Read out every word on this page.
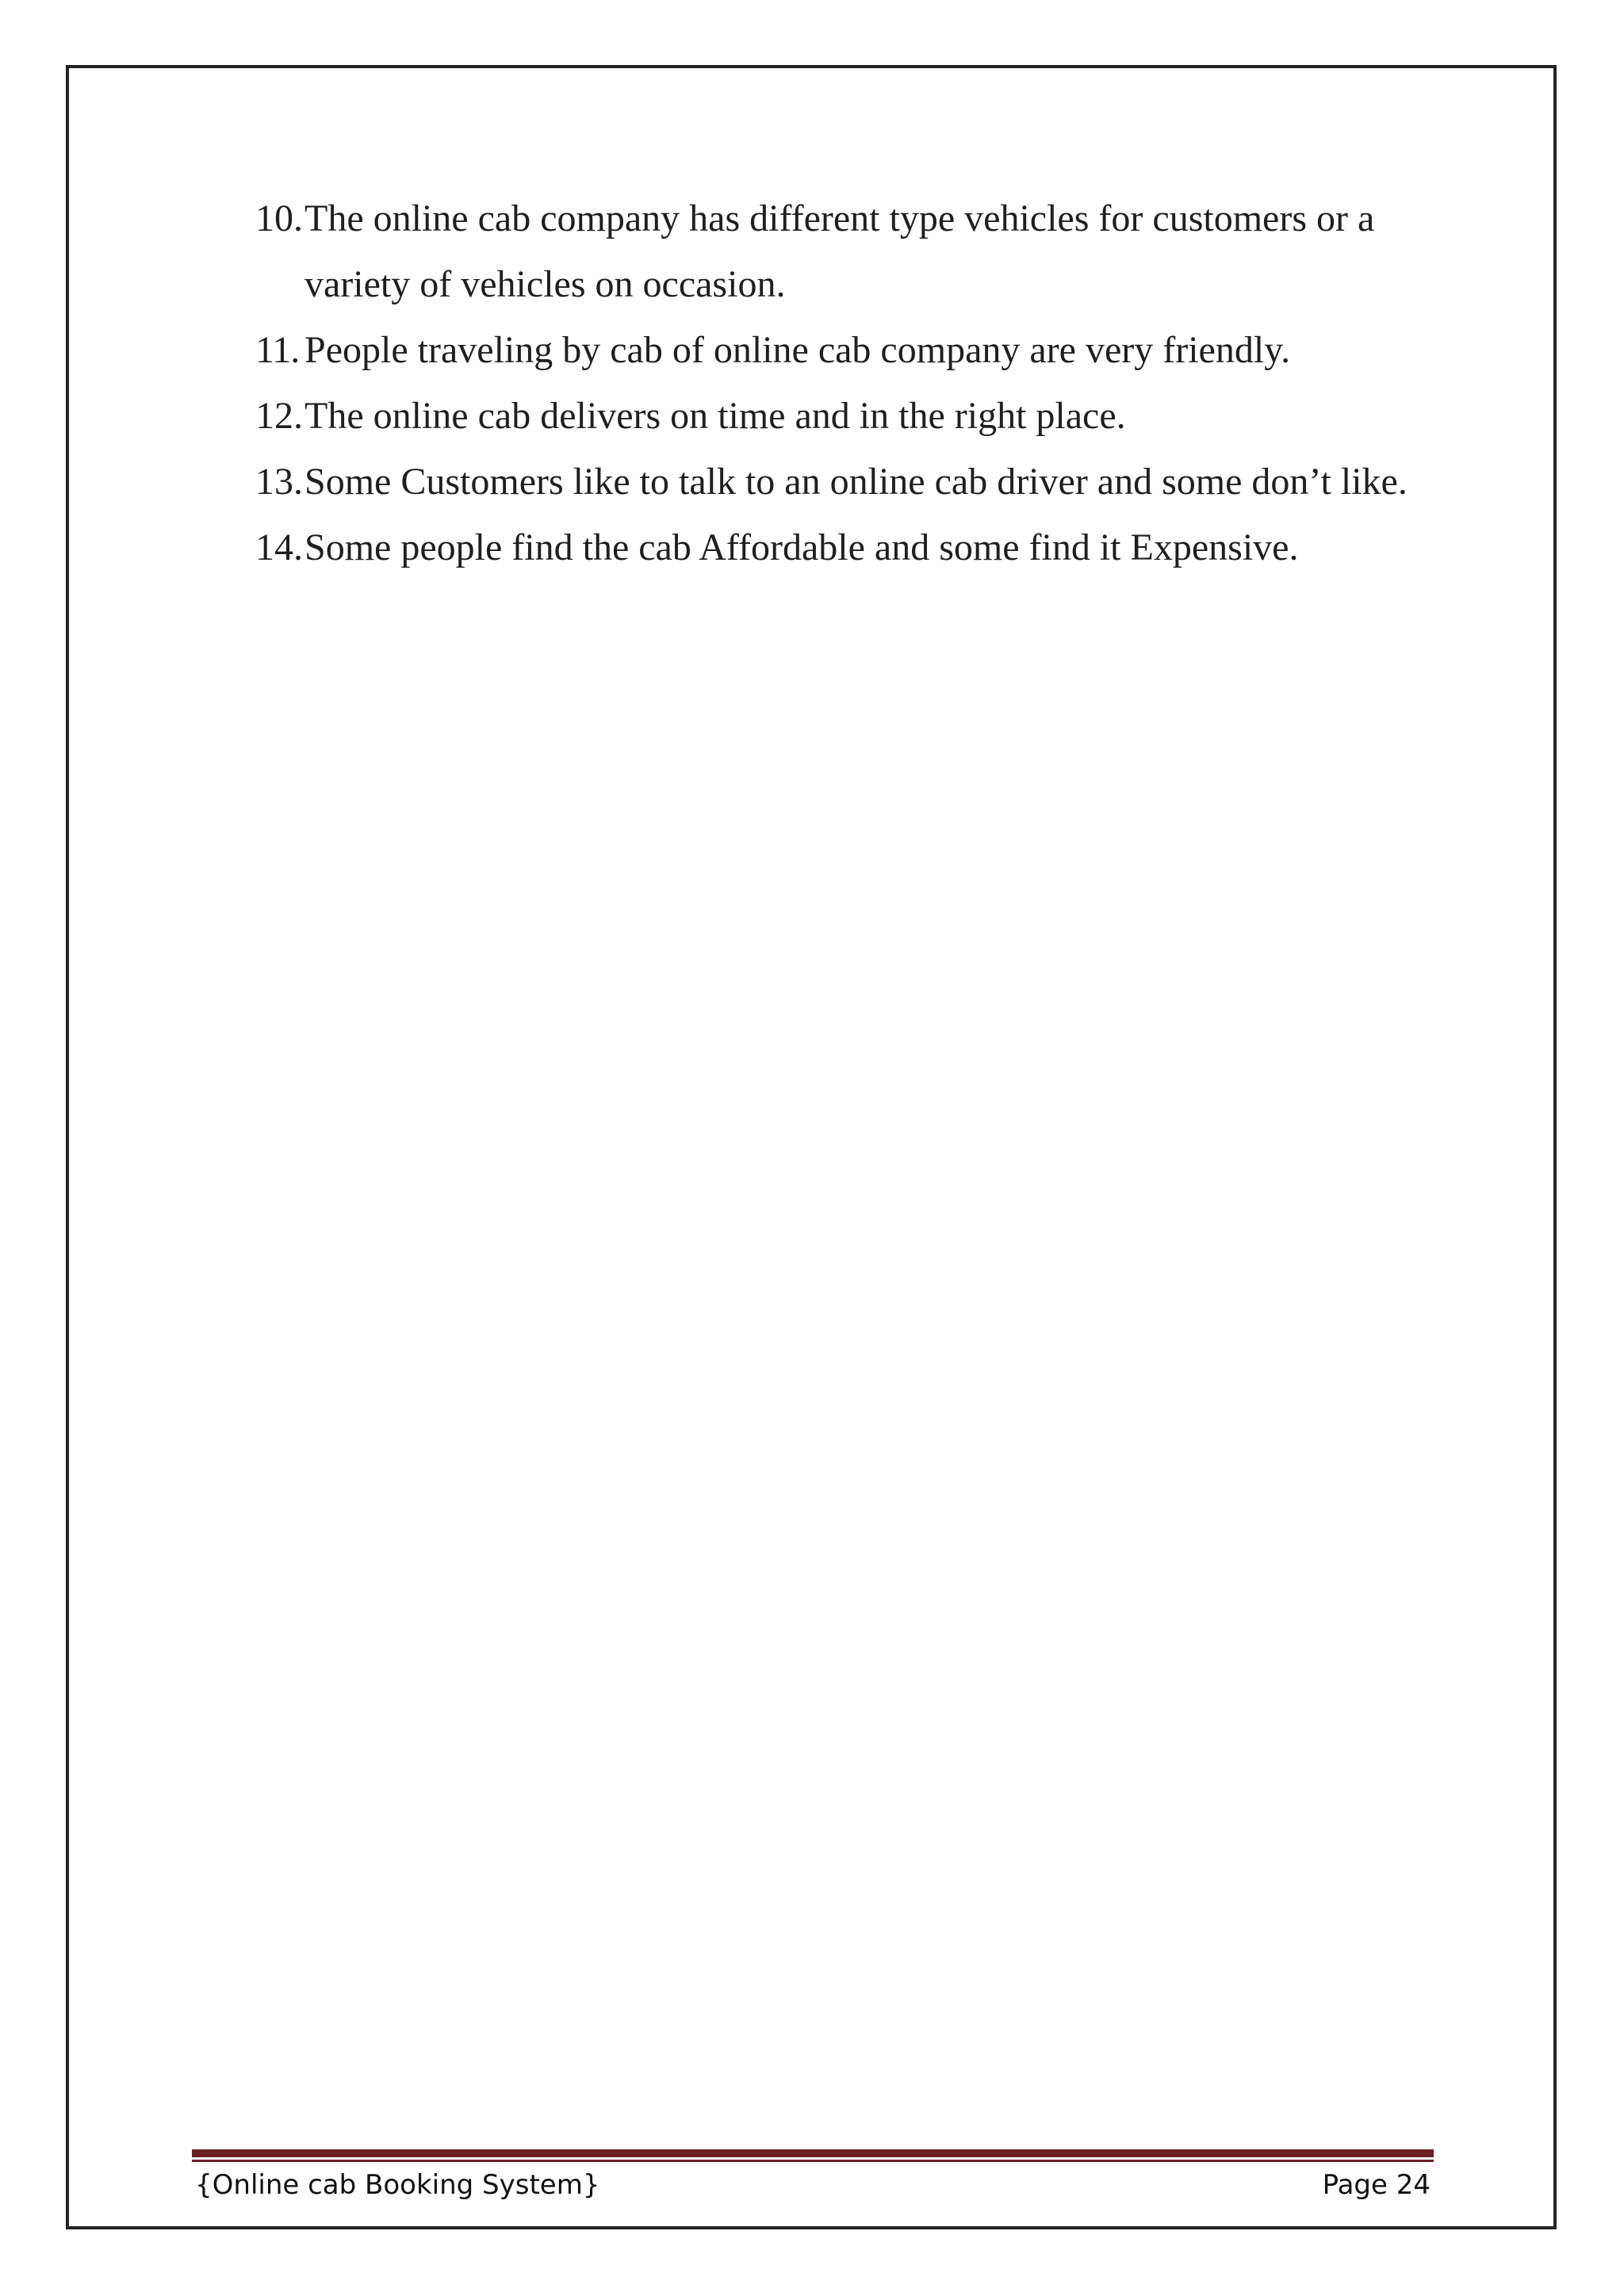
10. The online cab company has different type vehicles for customers or a variety of vehicles on occasion.
11. People traveling by cab of online cab company are very friendly.
12. The online cab delivers on time and in the right place.
13. Some Customers like to talk to an online cab driver and some don’t like.
14. Some people find the cab Affordable and some find it Expensive.
{Online cab Booking System}	Page 24
